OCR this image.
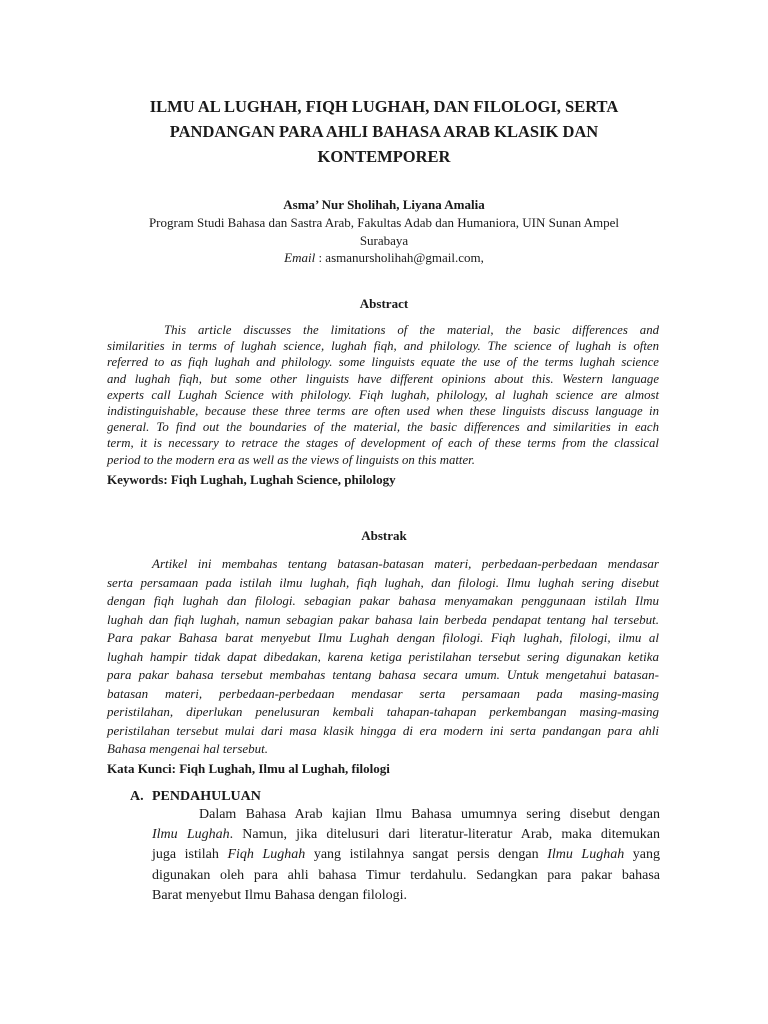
ILMU AL LUGHAH, FIQH LUGHAH, DAN FILOLOGI, SERTA
PANDANGAN PARA AHLI BAHASA ARAB KLASIK DAN
KONTEMPORER
Asma’ Nur Sholihah, Liyana Amalia
Program Studi Bahasa dan Sastra Arab, Fakultas Adab dan Humaniora, UIN Sunan Ampel
Surabaya
Email : asmanursholihah@gmail.com,
Abstract
This article discusses the limitations of the material, the basic differences and
similarities in terms of lughah science, lughah fiqh, and philology. The science of lughah is often
referred to as fiqh lughah and philology. some linguists equate the use of the terms lughah science
and lughah fiqh, but some other linguists have different opinions about this. Western language
experts call Lughah Science with philology. Fiqh lughah, philology, al lughah science are almost
indistinguishable, because these three terms are often used when these linguists discuss language in
general. To find out the boundaries of the material, the basic differences and similarities in each
term, it is necessary to retrace the stages of development of each of these terms from the classical
period to the modern era as well as the views of linguists on this matter.
Keywords: Fiqh Lughah, Lughah Science, philology
Abstrak
Artikel ini membahas tentang batasan-batasan materi, perbedaan-perbedaan mendasar
serta persamaan pada istilah ilmu lughah, fiqh lughah, dan filologi. Ilmu lughah sering disebut
dengan fiqh lughah dan filologi. sebagian pakar bahasa menyamakan penggunaan istilah Ilmu
lughah dan fiqh lughah, namun sebagian pakar bahasa lain berbeda pendapat tentang hal tersebut.
Para pakar Bahasa barat menyebut Ilmu Lughah dengan filologi. Fiqh lughah, filologi, ilmu al
lughah hampir tidak dapat dibedakan, karena ketiga peristilahan tersebut sering digunakan ketika
para pakar bahasa tersebut membahas tentang bahasa secara umum. Untuk mengetahui batasan-
batasan materi, perbedaan-perbedaan mendasar serta persamaan pada masing-masing
peristilahan, diperlukan penelusuran kembali tahapan-tahapan perkembangan masing-masing
peristilahan tersebut mulai dari masa klasik hingga di era modern ini serta pandangan para ahli
Bahasa mengenai hal tersebut.
Kata Kunci: Fiqh Lughah, Ilmu al Lughah, filologi
A. PENDAHULUAN
Dalam Bahasa Arab kajian Ilmu Bahasa umumnya sering disebut dengan
Ilmu Lughah. Namun, jika ditelusuri dari literatur-literatur Arab, maka ditemukan
juga istilah Fiqh Lughah yang istilahnya sangat persis dengan Ilmu Lughah yang
digunakan oleh para ahli bahasa Timur terdahulu. Sedangkan para pakar bahasa
Barat menyebut Ilmu Bahasa dengan filologi.
